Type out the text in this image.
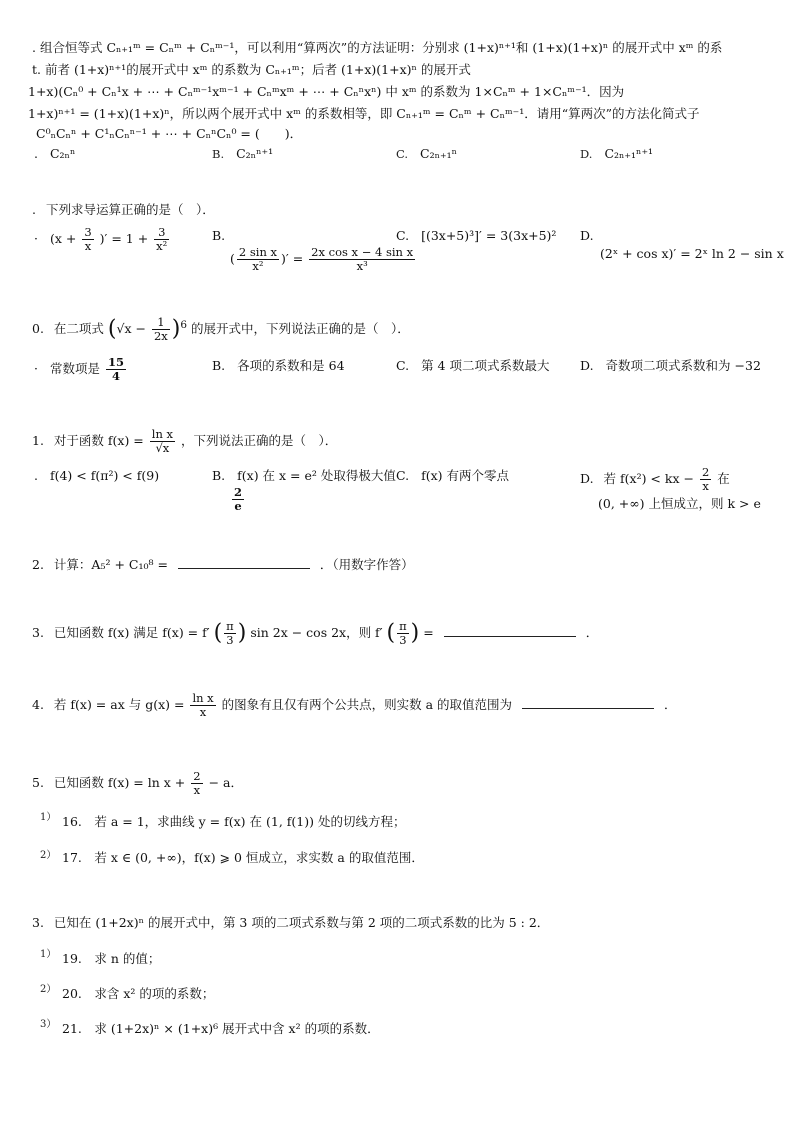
. 组合恒等式 Cₙ₊₁ᵐ = Cₙᵐ + Cₙᵐ⁻¹，可以利用“算两次”的方法证明：分别求 (1+x)ⁿ⁺¹和 (1+x)(1+x)ⁿ 的展开式中 xᵐ 的系
t. 前者 (1+x)ⁿ⁺¹的展开式中 xᵐ 的系数为 Cₙ₊₁ᵐ；后者 (1+x)(1+x)ⁿ 的展开式
1+x)(Cₙ⁰ + Cₙ¹x + ⋯ + Cₙᵐ⁻¹xᵐ⁻¹ + Cₙᵐxᵐ + ⋯ + Cₙⁿxⁿ) 中 xᵐ 的系数为 1×Cₙᵐ + 1×Cₙᵐ⁻¹．因为
1+x)ⁿ⁺¹ = (1+x)(1+x)ⁿ，所以两个展开式中 xᵐ 的系数相等，即 Cₙ₊₁ᵐ = Cₙᵐ + Cₙᵐ⁻¹．请用“算两次”的方法化简式子
C⁰ₙCₙⁿ + C¹ₙCₙⁿ⁻¹ + ⋯ + CₙⁿCₙ⁰ = (　　)．
. C₂ₙⁿ	B. C₂ₙⁿ⁺¹	C. C₂ₙ₊₁ⁿ	D. C₂ₙ₊₁ⁿ⁺¹
. 下列求导运算正确的是（　）．
· ($x + \frac{3}{x}$ )′ = $1 + \frac{3}{\text{x²}}$	B.
( $\frac{\text{2 sin x}}{\text{x²}}$ )′ = $\frac{\text{2x cos x − 4 sin x}}{\text{x³}}$
C. [(3x+5)³]′ = 3(3x+5)² D.
(2ˣ + cos x)′ = 2ˣ ln 2 − sin x
0. 在二项式 $(√x - \frac{1}{2x} )^6$ 的展开式中，下列说法正确的是（　）．
· 常数项是 $\frac{15}{4}$	B. 各项的系数和是 64	C. 第 4 项二项式系数最大 D. 奇数项二项式系数和为 −32
1. 对于函数 $f(x) = \frac{\text{ln x}}{√x}$ ，下列说法正确的是（　）．
. f(4) < f(π²) < f(9)	B. f(x) 在 x = e² 处取得极大值
$\frac{2}{e}$
C. f(x) 有两个零点	D. 若 f(x²) < kx − $\frac{2}{x}$ 在
(0, +∞) 上恒成立，则 k > e
2. 计算：A₅² + C₁₀⁸ =	．（用数字作答）
3. 已知函数 f(x) 满足 f(x) = f′ ( $\frac{\pi}{3}$ ) sin 2x − cos 2x，则 f′ ( $\frac{\pi}{3}$ ) =	．
4. 若 f(x) = ax 与 $g(x) = \frac{\text{ln x}}{x}$ 的图象有且仅有两个公共点，则实数 a 的取值范围为	．
5. 已知函数 $f(x) = \ln x + \frac{2}{x} - a$．
1） 16.　若 a = 1，求曲线 y = f(x) 在 (1, f(1)) 处的切线方程；
2） 17.　若 x ∈ (0, +∞)，f(x) ⩾ 0 恒成立，求实数 a 的取值范围．
3. 已知在 (1+2x)ⁿ 的展开式中，第 3 项的二项式系数与第 2 项的二项式系数的比为 5 : 2．
1） 19.　求 n 的值；
2） 20.　求含 x² 的项的系数；
3） 21.　求 (1+2x)ⁿ × (1+x)⁶ 展开式中含 x² 的项的系数．
